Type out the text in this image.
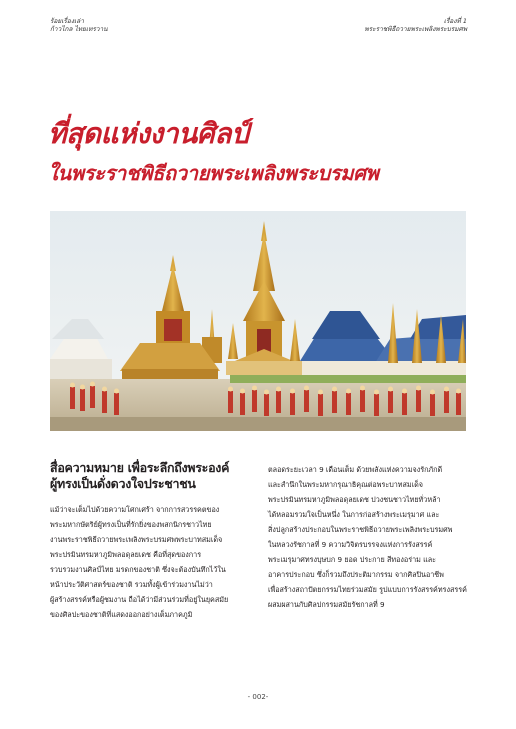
ร้อยเรื่องเล่า
ก้าวไกล ไทยเทรวาน
เรื่องที่ 1
พระราชพิธีถวายพระเพลิงพระบรมศพ
ที่สุดแห่งงานศิลป์
ในพระราชพิธีถวายพระเพลิงพระบรมศพ
สื่อความหมาย เพื่อระลึกถึงพระองค์
ผู้ทรงเป็นดั่งดวงใจประชาชน

แม้ว่าจะเต็มไปด้วยความโศกเศร้า จากการสวรรคตของ

พระมหากษัตริย์ผู้ทรงเป็นที่รักยิ่งของพสกนิกรชาวไทย

งานพระราชพิธีถวายพระเพลิงพระบรมศพพระบาทสมเด็จ

พระปรมินทรมหาภูมิพลอดุลยเดช คือที่สุดของการ

รวบรวมงานศิลป์ไทย มรดกของชาติ ซึ่งจะต้องบันทึกไว้ใน

หน้าประวัติศาสตร์ของชาติ รวมทั้งผู้เข้าร่วมงานไม่ว่า

ผู้สร้างสรรค์หรือผู้ชมงาน ถือได้ว่ามีส่วนร่วมที่อยู่ในยุคสมัย

ของศิลปะของชาติที่แสดงออกอย่างเต็มภาคภูมิ

ตลอดระยะเวลา 9 เดือนเต็ม ด้วยพลังแห่งความจงรักภักดี

และสำนึกในพระมหากรุณาธิคุณต่อพระบาทสมเด็จ

พระปรมินทรมหาภูมิพลอดุลยเดช ปวงชนชาวไทยทั่วหล้า

ได้หลอมรวมใจเป็นหนึ่ง ในการก่อสร้างพระเมรุมาศ และ

สิ่งปลูกสร้างประกอบในพระราชพิธีถวายพระเพลิงพระบรมศพ

ในหลวงรัชกาลที่ 9 ความวิจิตรบรรจงแห่งการรังสรรค์

พระเมรุมาศทรงบุษบก 9 ยอด ประกาย สีทองอร่าม และ

อาคารประกอบ ซึ่งก็รวมถึงประติมากรรม จากศิลปินอาชีพ

เพื่อสร้างสถาปัตยกรรมไทยร่วมสมัย รูปแบบการรังสรรค์ทรงสรรค์

ผสมผสานกับศิลปกรรมสมัยรัชกาลที่ 9

- 002-
